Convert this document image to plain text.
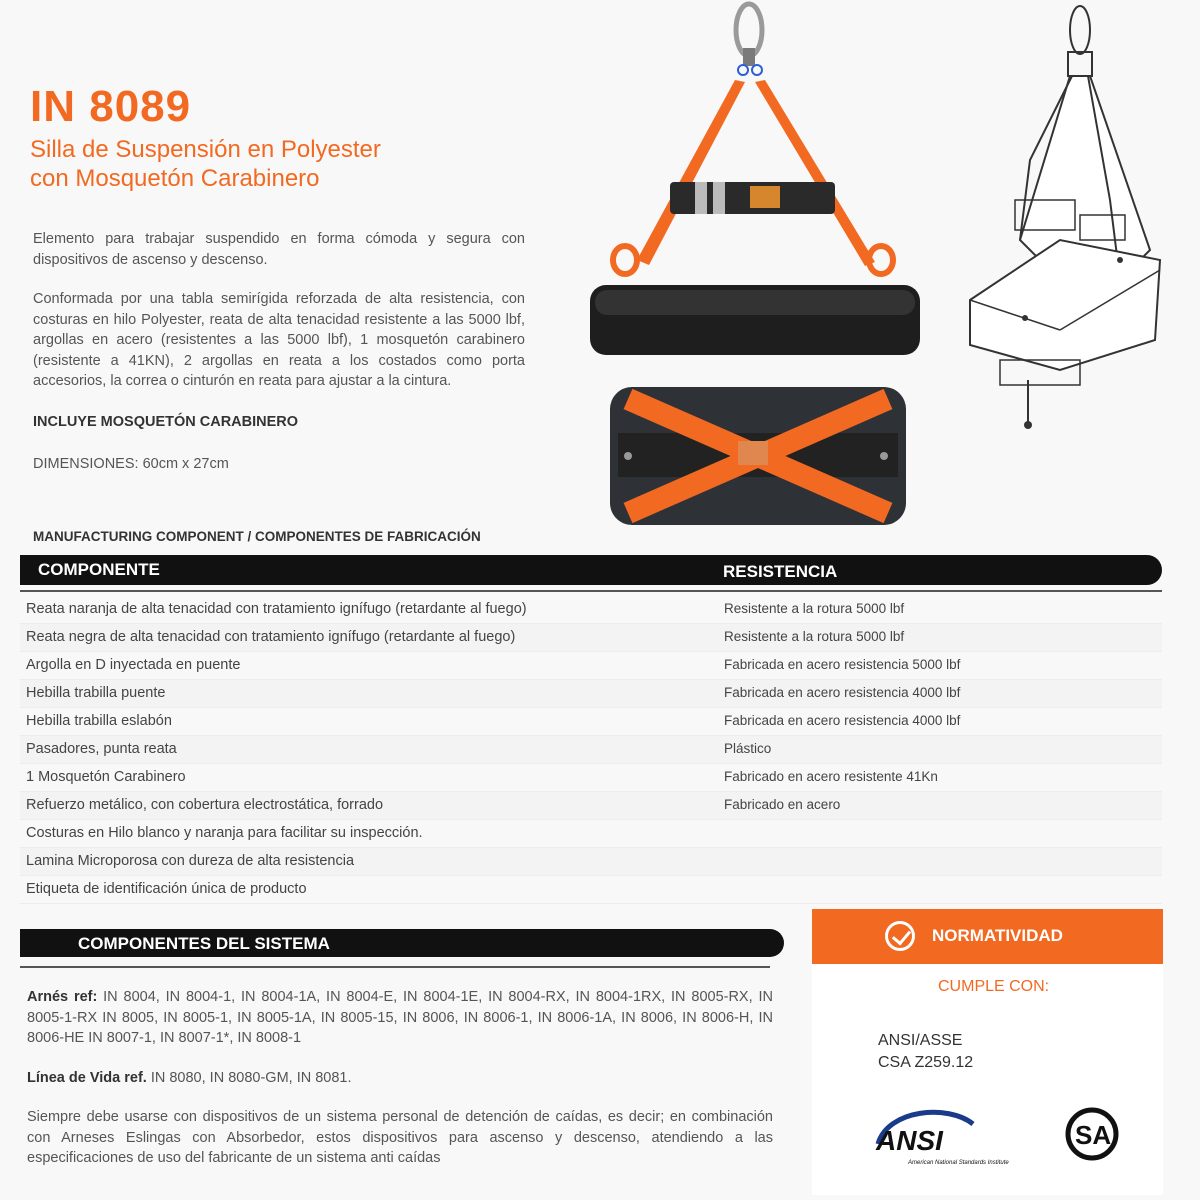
IN 8089
Silla de Suspensión en Polyester
con Mosquetón Carabinero

Elemento para trabajar suspendido en forma cómoda y segura con dispositivos de ascenso y descenso.

Conformada por una tabla semirígida reforzada de alta resistencia, con costuras en hilo Polyester, reata de alta tenacidad resistente a las 5000 lbf, argollas en acero (resistentes a las 5000 lbf), 1 mosquetón carabinero (resistente a 41KN), 2 argollas en reata a los costados como porta accesorios, la correa o cinturón en reata para ajustar a la cintura.

INCLUYE MOSQUETÓN CARABINERO

DIMENSIONES: 60cm x 27cm

MANUFACTURING COMPONENT / COMPONENTES DE FABRICACIÓN
COMPONENTE	RESISTENCIA
Reata naranja de alta tenacidad con tratamiento ignífugo (retardante al fuego)	Resistente a la rotura 5000 lbf
Reata negra de alta tenacidad con tratamiento ignífugo (retardante al fuego)	Resistente a la rotura 5000 lbf
Argolla en D inyectada en puente	Fabricada en acero resistencia 5000 lbf
Hebilla trabilla puente	Fabricada en acero resistencia 4000 lbf
Hebilla trabilla eslabón	Fabricada en acero resistencia 4000 lbf
Pasadores, punta reata	Plástico
1 Mosquetón Carabinero	Fabricado en acero resistente 41Kn
Refuerzo metálico, con cobertura electrostática, forrado	Fabricado en acero
Costuras en Hilo blanco y naranja para facilitar su inspección.
Lamina Microporosa con dureza de alta resistencia
Etiqueta de identificación única de producto
COMPONENTES DEL SISTEMA

Arnés ref: IN 8004, IN 8004-1, IN 8004-1A, IN 8004-E, IN 8004-1E, IN 8004-RX, IN 8004-1RX, IN 8005-RX, IN 8005-1-RX IN 8005, IN 8005-1, IN 8005-1A, IN 8005-15, IN 8006, IN 8006-1, IN 8006-1A, IN 8006, IN 8006-H, IN 8006-HE IN 8007-1, IN 8007-1*, IN 8008-1

Línea de Vida ref. IN 8080, IN 8080-GM, IN 8081.

Siempre debe usarse con dispositivos de un sistema personal de detención de caídas, es decir; en combinación con Arneses Eslingas con Absorbedor, estos dispositivos para ascenso y descenso, atendiendo a las especificaciones de uso del fabricante de un sistema anti caídas

NORMATIVIDAD
CUMPLE CON:
ANSI/ASSE
CSA Z259.12
ANSI
American National Standards Institute
SA
